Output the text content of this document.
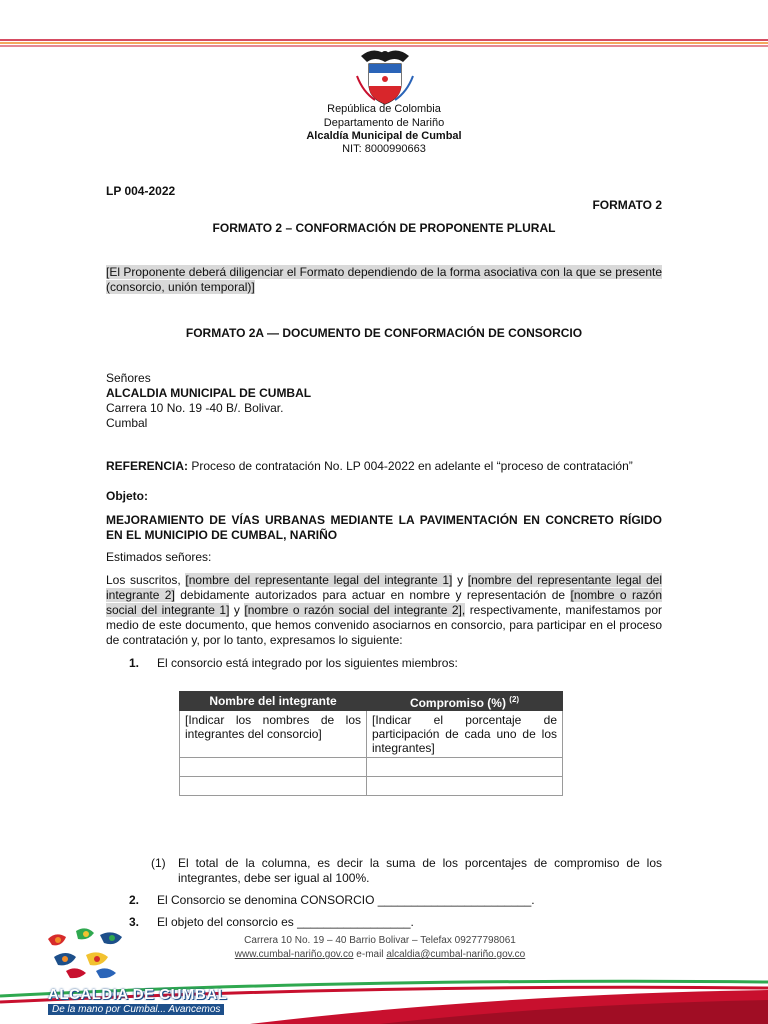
República de Colombia
Departamento de Nariño
Alcaldía Municipal de Cumbal
NIT: 8000990663
LP 004-2022
FORMATO 2
FORMATO 2 – CONFORMACIÓN DE PROPONENTE PLURAL
[El Proponente deberá diligenciar el Formato dependiendo de la forma asociativa con la que se presente (consorcio, unión temporal)]
FORMATO 2A — DOCUMENTO DE CONFORMACIÓN DE CONSORCIO
Señores
ALCALDIA MUNICIPAL DE CUMBAL
Carrera 10 No. 19 -40 B/. Bolivar.
Cumbal
REFERENCIA: Proceso de contratación No. LP 004-2022 en adelante el “proceso de contratación”
Objeto:
MEJORAMIENTO DE VÍAS URBANAS MEDIANTE LA PAVIMENTACIÓN EN CONCRETO RÍGIDO EN EL MUNICIPIO DE CUMBAL, NARIÑO
Estimados señores:
Los suscritos, [nombre del representante legal del integrante 1] y [nombre del representante legal del integrante 2] debidamente autorizados para actuar en nombre y representación de [nombre o razón social del integrante 1] y [nombre o razón social del integrante 2], respectivamente, manifestamos por medio de este documento, que hemos convenido asociarnos en consorcio, para participar en el proceso de contratación y, por lo tanto, expresamos lo siguiente:
1. El consorcio está integrado por los siguientes miembros:
Nombre del integrante	Compromiso (%) $^{(2)}$
[Indicar los nombres de los integrantes del consorcio]	[Indicar el porcentaje de participación de cada uno de los integrantes]

(1) El total de la columna, es decir la suma de los porcentajes de compromiso de los integrantes, debe ser igual al 100%.
2. El Consorcio se denomina CONSORCIO _______________________.
3. El objeto del consorcio es _________________.
Carrera 10 No. 19 – 40 Barrio Bolivar – Telefax 09277798061
www.cumbal-nariño.gov.co e-mail alcaldia@cumbal-nariño.gov.co
ALCALDIA DE CUMBAL
De la mano por Cumbal... Avancemos
